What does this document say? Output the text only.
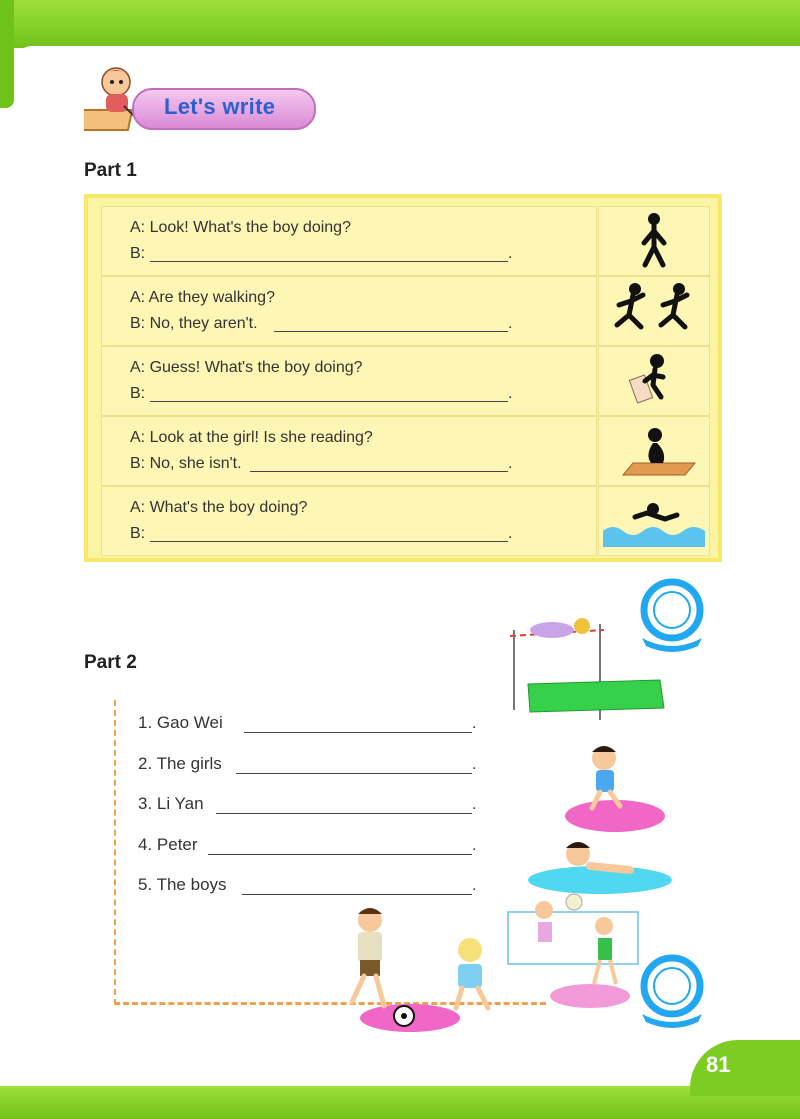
Let's write
Part 1
A: Look! What's the boy doing?
B:	.
A: Are they walking?
B: No, they aren't.	.
A: Guess! What's the boy doing?
B:	.
A: Look at the girl! Is she reading?
B: No, she isn't.	.
A: What's the boy doing?
B:	.
Part 2
1. Gao Wei	.
2. The girls	.
3. Li Yan	.
4. Peter	.
5. The boys	.
81
